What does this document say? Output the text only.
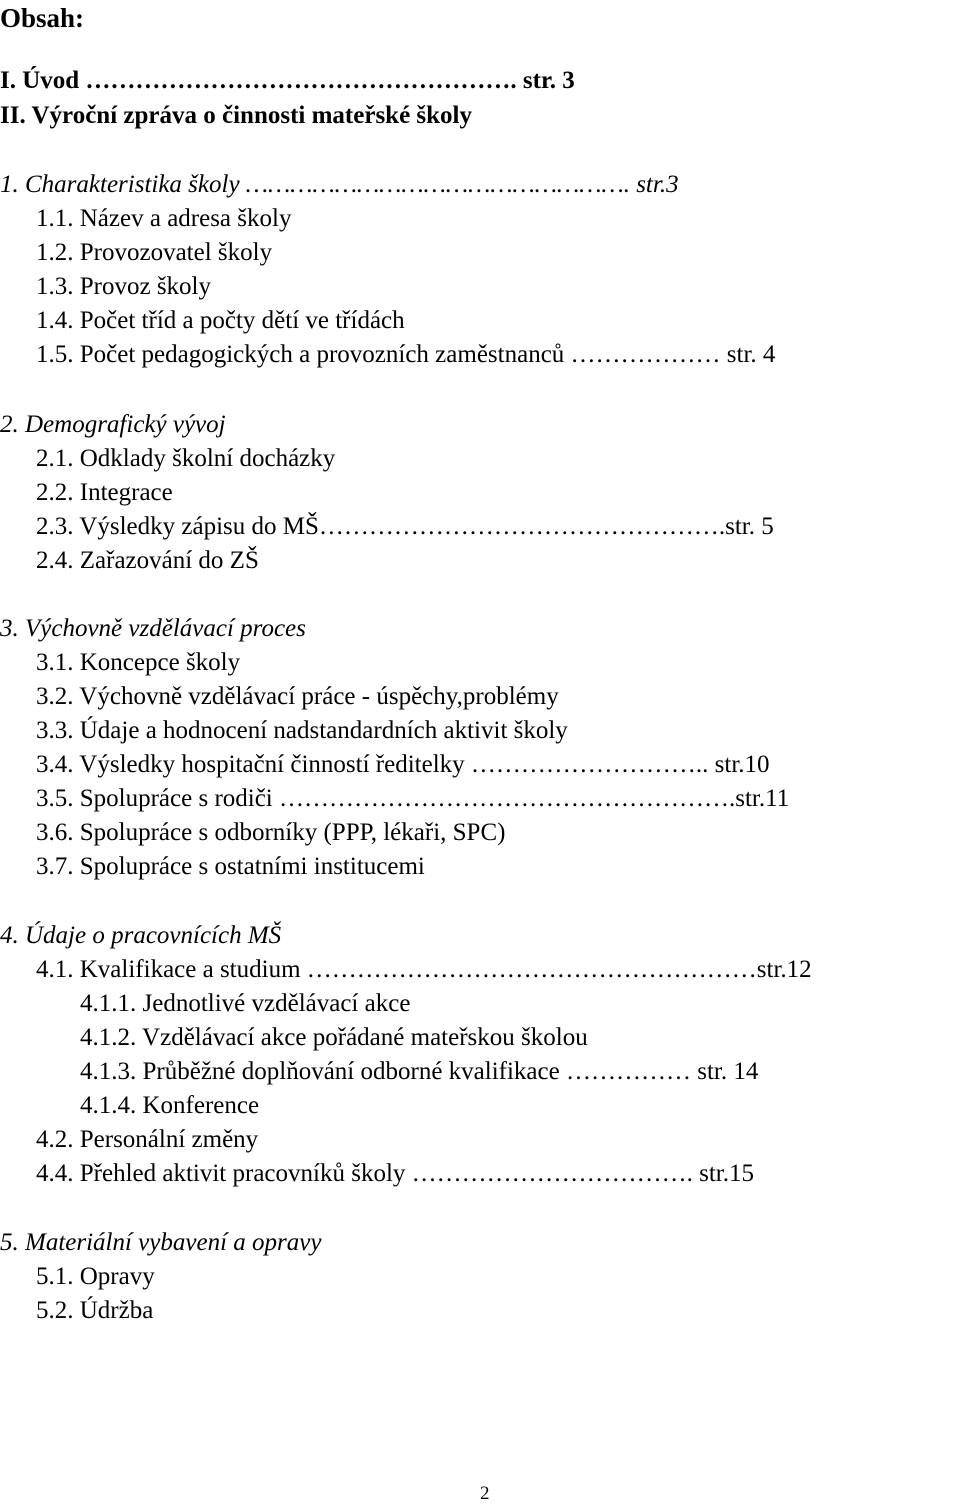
Obsah:
I. Úvod ……………………………………………. str. 3
II. Výroční zpráva o činnosti mateřské školy
1. Charakteristika školy ……………………………………………. str.3
1.1. Název a adresa školy
1.2. Provozovatel školy
1.3. Provoz školy
1.4. Počet tříd a počty dětí ve třídách
1.5. Počet pedagogických a provozních zaměstnanců ……………… str. 4
2. Demografický vývoj
2.1. Odklady školní docházky
2.2. Integrace
2.3. Výsledky zápisu do MŠ………………………………………….str. 5
2.4. Zařazování do ZŠ
3. Výchovně vzdělávací proces
3.1. Koncepce školy
3.2. Výchovně vzdělávací práce - úspěchy,problémy
3.3. Údaje a hodnocení nadstandardních aktivit školy
3.4. Výsledky hospitační činností ředitelky ……………………….. str.10
3.5. Spolupráce s rodiči ……………………………………………….str.11
3.6. Spolupráce s odborníky (PPP, lékaři, SPC)
3.7. Spolupráce s ostatními institucemi
4. Údaje o pracovnících MŠ
4.1. Kvalifikace a studium ………………………………………………str.12
4.1.1. Jednotlivé vzdělávací akce
4.1.2. Vzdělávací akce pořádané mateřskou školou
4.1.3. Průběžné doplňování odborné kvalifikace …………… str. 14
4.1.4. Konference
4.2. Personální změny
4.4. Přehled aktivit pracovníků školy ……………………………. str.15
5. Materiální vybavení a opravy
5.1. Opravy
5.2. Údržba
2
